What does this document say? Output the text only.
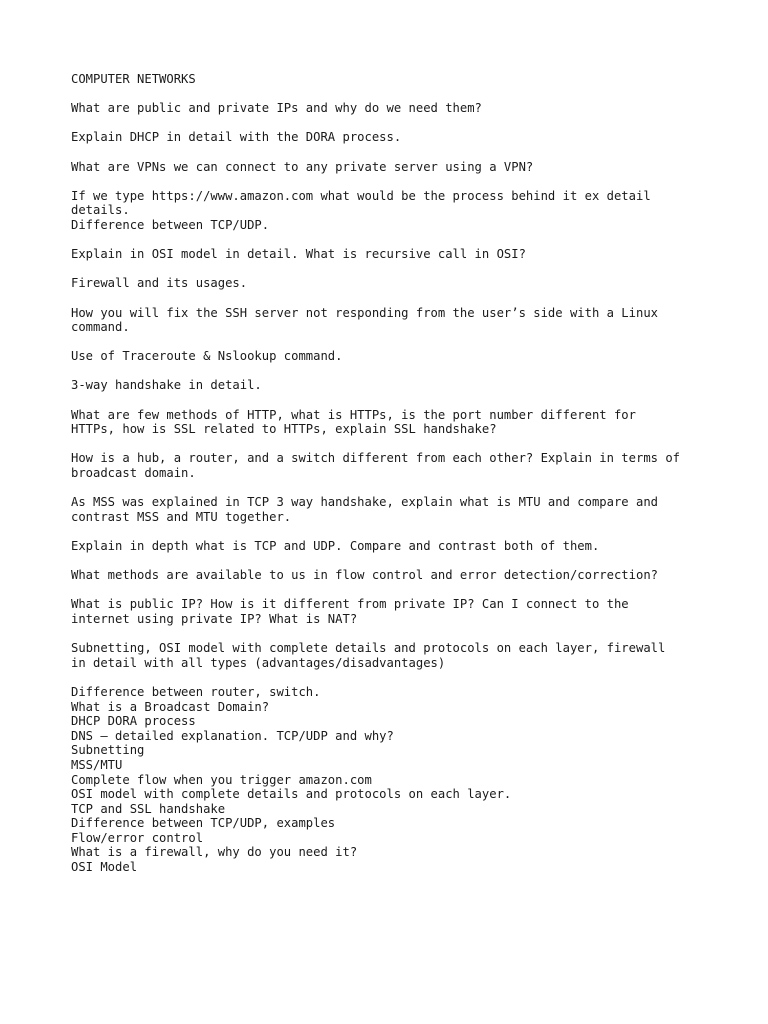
COMPUTER NETWORKS
What are public and private IPs and why do we need them?
Explain DHCP in detail with the DORA process.
What are VPNs we can connect to any private server using a VPN?
If we type https://www.amazon.com what would be the process behind it ex detail
details.
Difference between TCP/UDP.
Explain in OSI model in detail. What is recursive call in OSI?
Firewall and its usages.
How you will fix the SSH server not responding from the user’s side with a Linux
command.
Use of Traceroute & Nslookup command.
3-way handshake in detail.
What are few methods of HTTP, what is HTTPs, is the port number different for
HTTPs, how is SSL related to HTTPs, explain SSL handshake?
How is a hub, a router, and a switch different from each other? Explain in terms of
broadcast domain.
As MSS was explained in TCP 3 way handshake, explain what is MTU and compare and
contrast MSS and MTU together.
Explain in depth what is TCP and UDP. Compare and contrast both of them.
What methods are available to us in flow control and error detection/correction?
What is public IP? How is it different from private IP? Can I connect to the
internet using private IP? What is NAT?
Subnetting, OSI model with complete details and protocols on each layer, firewall
in detail with all types (advantages/disadvantages)
Difference between router, switch.
What is a Broadcast Domain?
DHCP DORA process
DNS – detailed explanation. TCP/UDP and why?
Subnetting
MSS/MTU
Complete flow when you trigger amazon.com
OSI model with complete details and protocols on each layer.
TCP and SSL handshake
Difference between TCP/UDP, examples
Flow/error control
What is a firewall, why do you need it?
OSI Model
